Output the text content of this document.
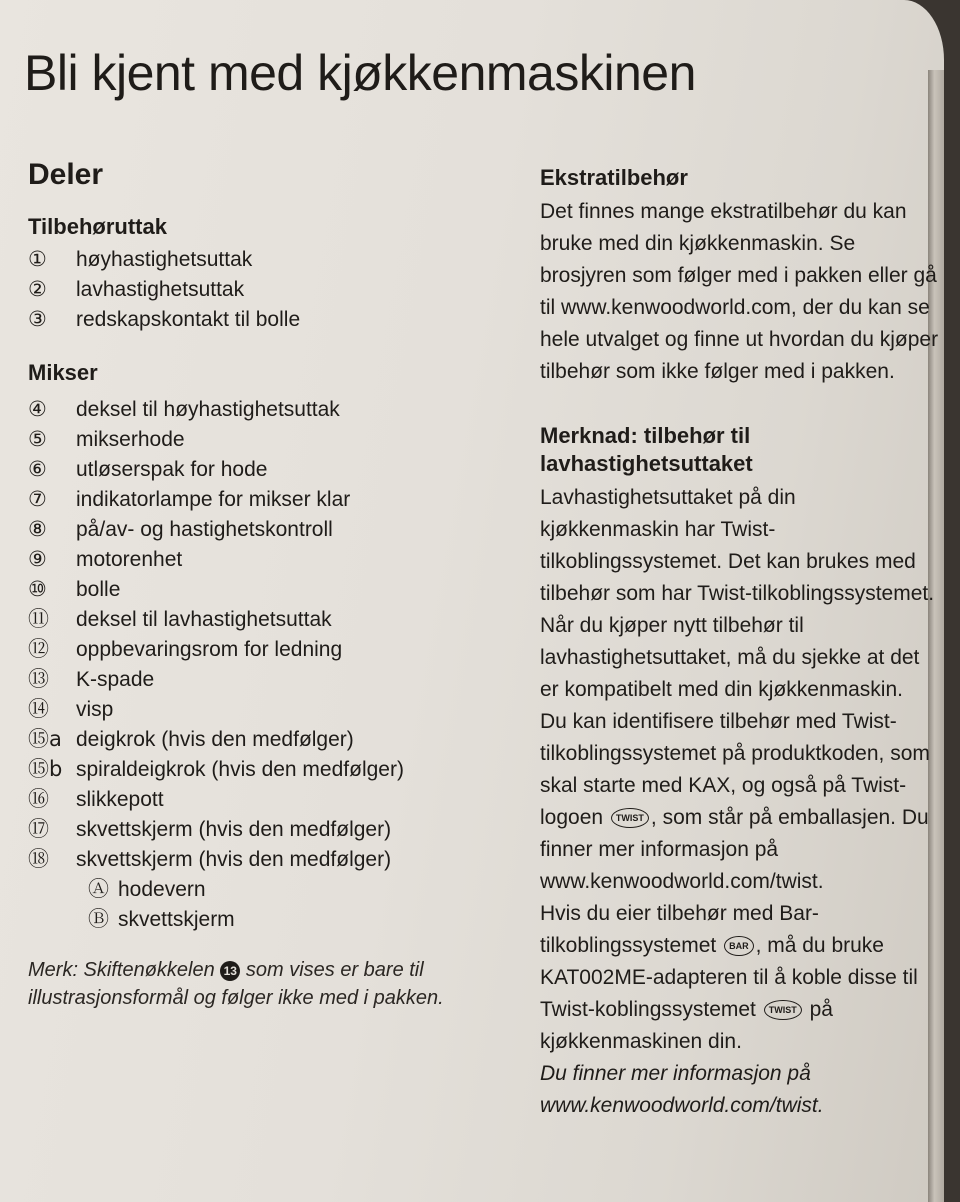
Bli kjent med kjøkkenmaskinen
Deler
Tilbehøruttak
① høyhastighetsuttak
② lavhastighetsuttak
③ redskapskontakt til bolle
Mikser
④ deksel til høyhastighetsuttak
⑤ mikserhode
⑥ utløserspak for hode
⑦ indikatorlampe for mikser klar
⑧ på/av- og hastighetskontroll
⑨ motorenhet
⑩ bolle
⑪ deksel til lavhastighetsuttak
⑫ oppbevaringsrom for ledning
⑬ K-spade
⑭ visp
⑮a deigkrok (hvis den medfølger)
⑮b spiraldeigkrok (hvis den medfølger)
⑯ slikkepott
⑰ skvettskjerm (hvis den medfølger)
⑱ skvettskjerm (hvis den medfølger)
Ⓐ hodevern
Ⓑ skvettskjerm
Merk: Skiftenøkkelen 13 som vises er bare til illustrasjonsformål og følger ikke med i pakken.
Ekstratilbehør

Det finnes mange ekstratilbehør du kan bruke med din kjøkkenmaskin. Se brosjyren som følger med i pakken eller gå til www.kenwoodworld.com, der du kan se hele utvalget og finne ut hvordan du kjøper tilbehør som ikke følger med i pakken.

Merknad: tilbehør til lavhastighetsuttaket

Lavhastighetsuttaket på din kjøkkenmaskin har Twist-tilkoblingssystemet. Det kan brukes med tilbehør som har Twist-tilkoblingssystemet.

Når du kjøper nytt tilbehør til lavhastighetsuttaket, må du sjekke at det er kompatibelt med din kjøkkenmaskin.

Du kan identifisere tilbehør med Twist-tilkoblingssystemet på produktkoden, som skal starte med KAX, og også på Twist-logoen TWIST , som står på emballasjen. Du finner mer informasjon på www.kenwoodworld.com/twist.

Hvis du eier tilbehør med Bar-tilkoblingssystemet BAR , må du bruke KAT002ME-adapteren til å koble disse til Twist-koblingssystemet TWIST på kjøkkenmaskinen din.

Du finner mer informasjon på www.kenwoodworld.com/twist.
